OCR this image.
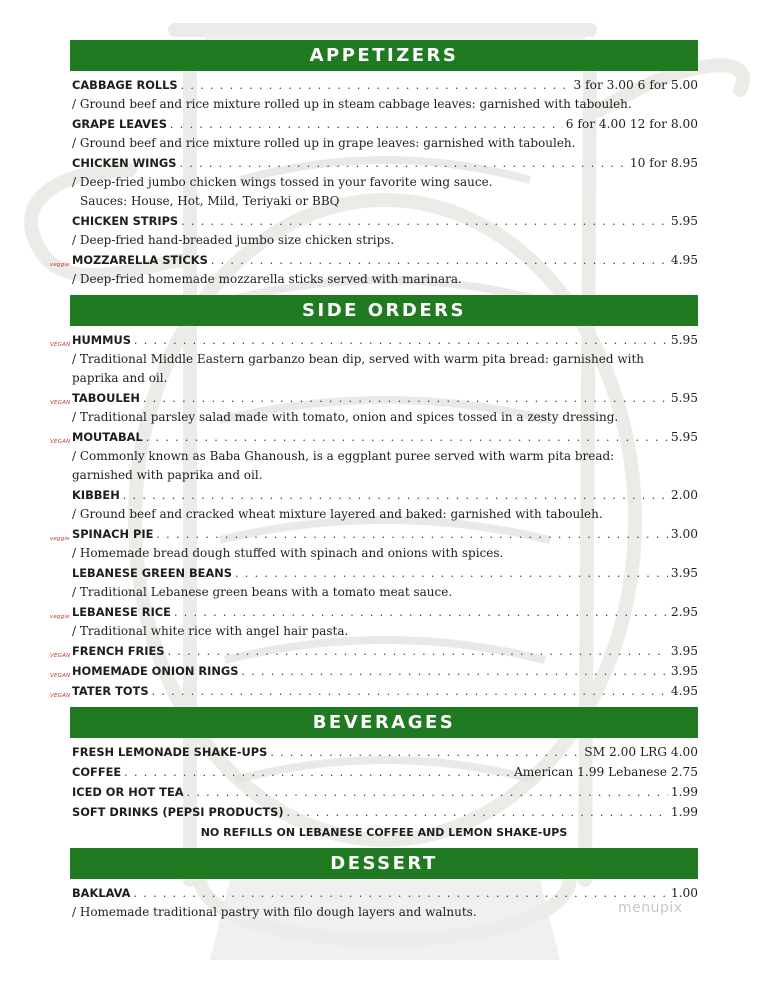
APPETIZERS
CABBAGE ROLLS . . .	3 for 3.00 6 for 5.00
/ Ground beef and rice mixture rolled up in steam cabbage leaves: garnished with tabouleh.
GRAPE LEAVES . . .	6 for 4.00 12 for 8.00
/ Ground beef and rice mixture rolled up in grape leaves: garnished with tabouleh.
CHICKEN WINGS . . .	10 for 8.95
/ Deep-fried jumbo chicken wings tossed in your favorite wing sauce.
Sauces: House, Hot, Mild, Teriyaki or BBQ
CHICKEN STRIPS . . .	5.95
/ Deep-fried hand-breaded jumbo size chicken strips.
veggie MOZZARELLA STICKS . . .	4.95
/ Deep-fried homemade mozzarella sticks served with marinara.
SIDE ORDERS
VEGAN HUMMUS . . .	5.95
/ Traditional Middle Eastern garbanzo bean dip, served with warm pita bread: garnished with paprika and oil.
VEGAN TABOULEH . . .	5.95
/ Traditional parsley salad made with tomato, onion and spices tossed in a zesty dressing.
VEGAN MOUTABAL . . .	5.95
/ Commonly known as Baba Ghanoush, is a eggplant puree served with warm pita bread: garnished with paprika and oil.
KIBBEH . . .	2.00
/ Ground beef and cracked wheat mixture layered and baked: garnished with tabouleh.
veggie SPINACH PIE . . .	3.00
/ Homemade bread dough stuffed with spinach and onions with spices.
LEBANESE GREEN BEANS . . .	3.95
/ Traditional Lebanese green beans with a tomato meat sauce.
veggie LEBANESE RICE . . .	2.95
/ Traditional white rice with angel hair pasta.
VEGAN FRENCH FRIES . . .	3.95
VEGAN HOMEMADE ONION RINGS . . .	3.95
VEGAN TATER TOTS . . .	4.95
BEVERAGES
FRESH LEMONADE SHAKE-UPS . . .	SM 2.00 LRG 4.00
COFFEE . . .	American 1.99 Lebanese 2.75
ICED OR HOT TEA . . .	1.99
SOFT DRINKS (PEPSI PRODUCTS) . . .	1.99
NO REFILLS ON LEBANESE COFFEE AND LEMON SHAKE-UPS
DESSERT
BAKLAVA . . .	1.00
/ Homemade traditional pastry with filo dough layers and walnuts.	menupix
